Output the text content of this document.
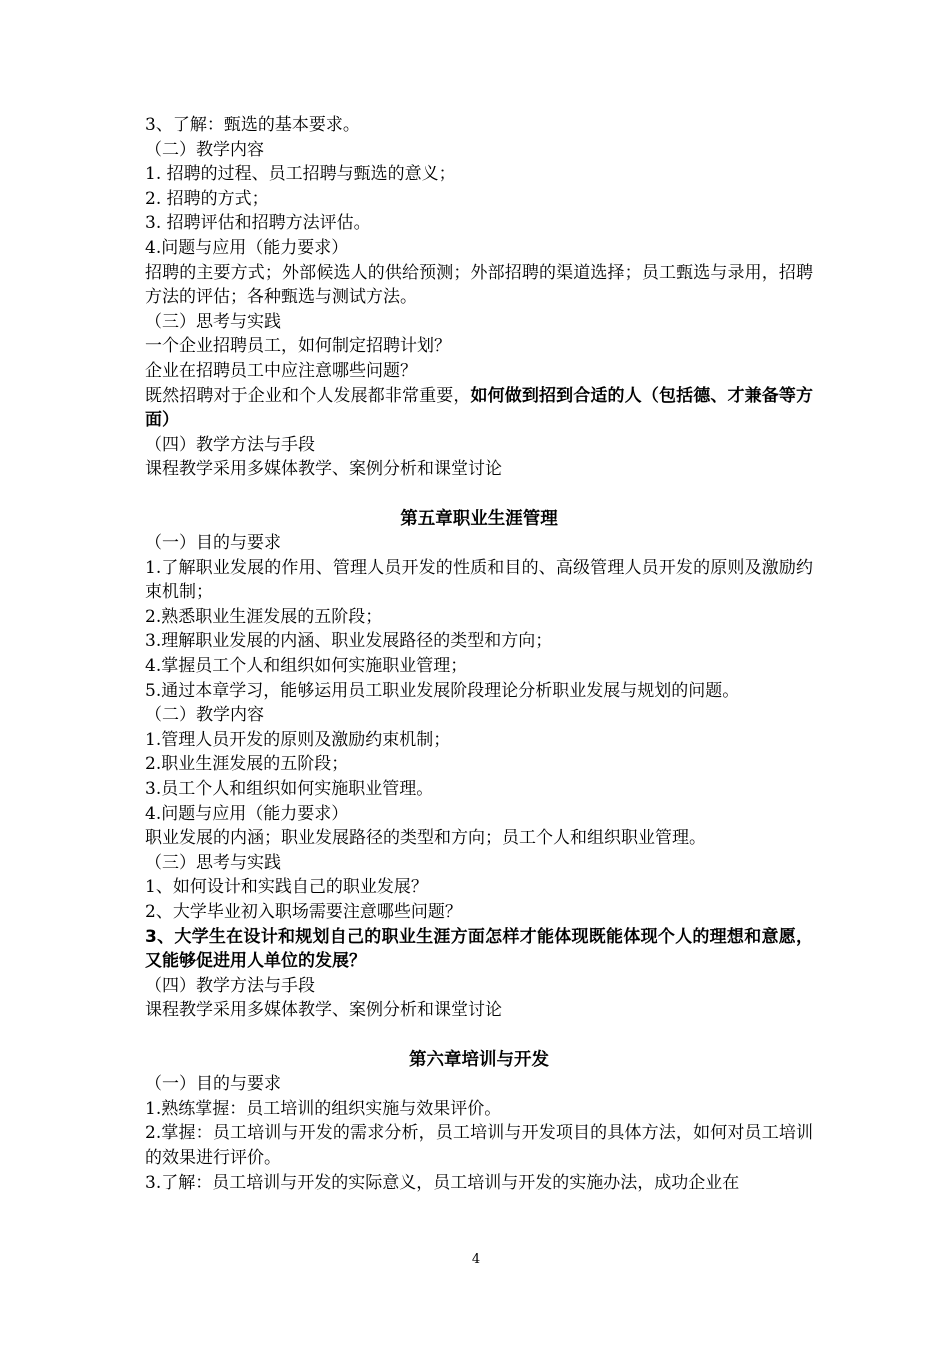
3、了解：甄选的基本要求。

（二）教学内容

1. 招聘的过程、员工招聘与甄选的意义；

2. 招聘的方式；

3. 招聘评估和招聘方法评估。

4.问题与应用（能力要求）

招聘的主要方式；外部候选人的供给预测；外部招聘的渠道选择；员工甄选与录用，招聘方法的评估；各种甄选与测试方法。

（三）思考与实践

一个企业招聘员工，如何制定招聘计划？

企业在招聘员工中应注意哪些问题？

既然招聘对于企业和个人发展都非常重要，如何做到招到合适的人（包括德、才兼备等方面）

（四）教学方法与手段

课程教学采用多媒体教学、案例分析和课堂讨论

第五章职业生涯管理

（一）目的与要求

1.了解职业发展的作用、管理人员开发的性质和目的、高级管理人员开发的原则及激励约束机制；

2.熟悉职业生涯发展的五阶段；

3.理解职业发展的内涵、职业发展路径的类型和方向；

4.掌握员工个人和组织如何实施职业管理；

5.通过本章学习，能够运用员工职业发展阶段理论分析职业发展与规划的问题。

（二）教学内容

1.管理人员开发的原则及激励约束机制；

2.职业生涯发展的五阶段；

3.员工个人和组织如何实施职业管理。

4.问题与应用（能力要求）

职业发展的内涵；职业发展路径的类型和方向；员工个人和组织职业管理。

（三）思考与实践

1、如何设计和实践自己的职业发展？

2、大学毕业初入职场需要注意哪些问题？

3、大学生在设计和规划自己的职业生涯方面怎样才能体现既能体现个人的理想和意愿，又能够促进用人单位的发展？

（四）教学方法与手段

课程教学采用多媒体教学、案例分析和课堂讨论

第六章培训与开发

（一）目的与要求

1.熟练掌握：员工培训的组织实施与效果评价。

2.掌握：员工培训与开发的需求分析，员工培训与开发项目的具体方法，如何对员工培训的效果进行评价。

3.了解：员工培训与开发的实际意义，员工培训与开发的实施办法，成功企业在

4
